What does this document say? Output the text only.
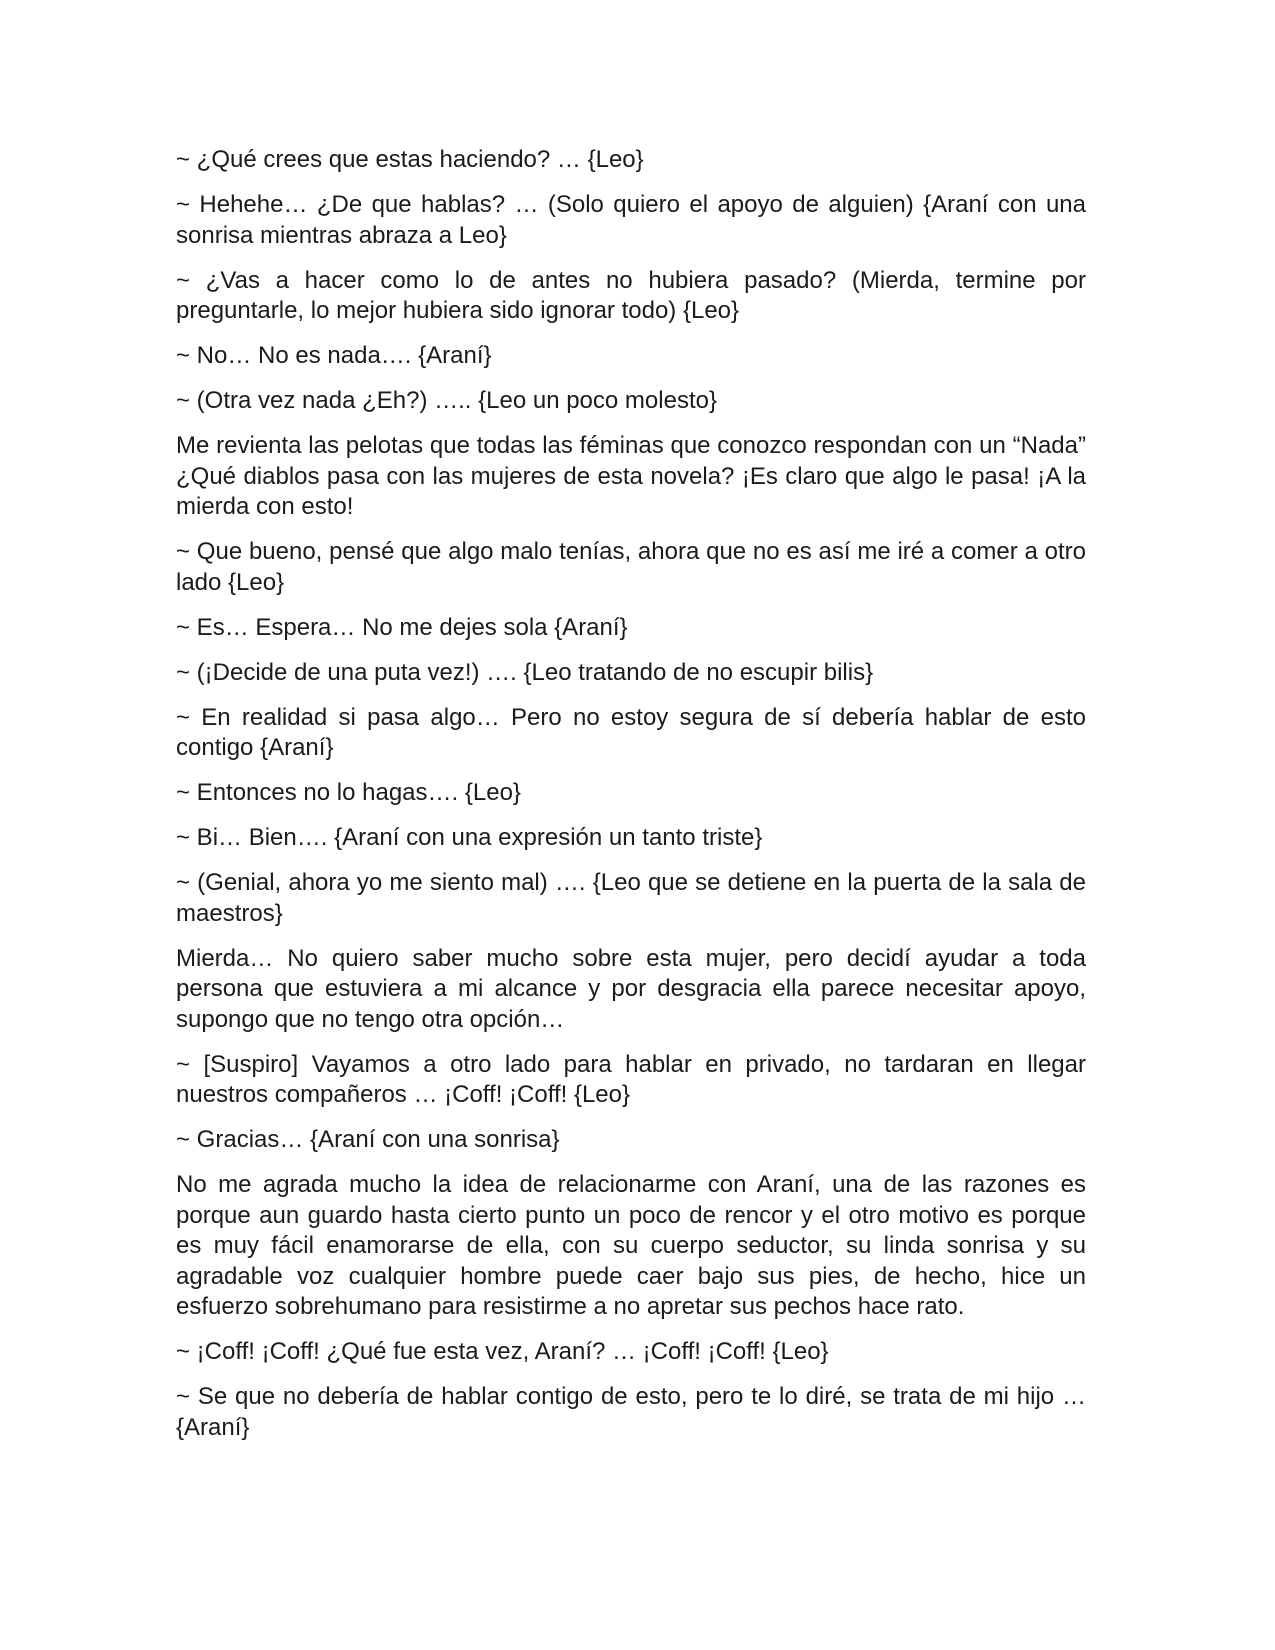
~ ¿Qué crees que estas haciendo? … {Leo}

~ Hehehe… ¿De que hablas? … (Solo quiero el apoyo de alguien) {Araní con una sonrisa mientras abraza a Leo}

~ ¿Vas a hacer como lo de antes no hubiera pasado? (Mierda, termine por preguntarle, lo mejor hubiera sido ignorar todo) {Leo}

~ No… No es nada…. {Araní}

~ (Otra vez nada ¿Eh?) ….. {Leo un poco molesto}

Me revienta las pelotas que todas las féminas que conozco respondan con un “Nada” ¿Qué diablos pasa con las mujeres de esta novela? ¡Es claro que algo le pasa! ¡A la mierda con esto!

~ Que bueno, pensé que algo malo tenías, ahora que no es así me iré a comer a otro lado {Leo}

~ Es… Espera… No me dejes sola {Araní}

~ (¡Decide de una puta vez!) …. {Leo tratando de no escupir bilis}

~ En realidad si pasa algo… Pero no estoy segura de sí debería hablar de esto contigo {Araní}

~ Entonces no lo hagas…. {Leo}

~ Bi… Bien…. {Araní con una expresión un tanto triste}

~ (Genial, ahora yo me siento mal) …. {Leo que se detiene en la puerta de la sala de maestros}

Mierda… No quiero saber mucho sobre esta mujer, pero decidí ayudar a toda persona que estuviera a mi alcance y por desgracia ella parece necesitar apoyo, supongo que no tengo otra opción…

~ [Suspiro] Vayamos a otro lado para hablar en privado, no tardaran en llegar nuestros compañeros … ¡Coff! ¡Coff! {Leo}

~ Gracias… {Araní con una sonrisa}

No me agrada mucho la idea de relacionarme con Araní, una de las razones es porque aun guardo hasta cierto punto un poco de rencor y el otro motivo es porque es muy fácil enamorarse de ella, con su cuerpo seductor, su linda sonrisa y su agradable voz cualquier hombre puede caer bajo sus pies, de hecho, hice un esfuerzo sobrehumano para resistirme a no apretar sus pechos hace rato.

~ ¡Coff! ¡Coff! ¿Qué fue esta vez, Araní? … ¡Coff! ¡Coff! {Leo}

~ Se que no debería de hablar contigo de esto, pero te lo diré, se trata de mi hijo … {Araní}
